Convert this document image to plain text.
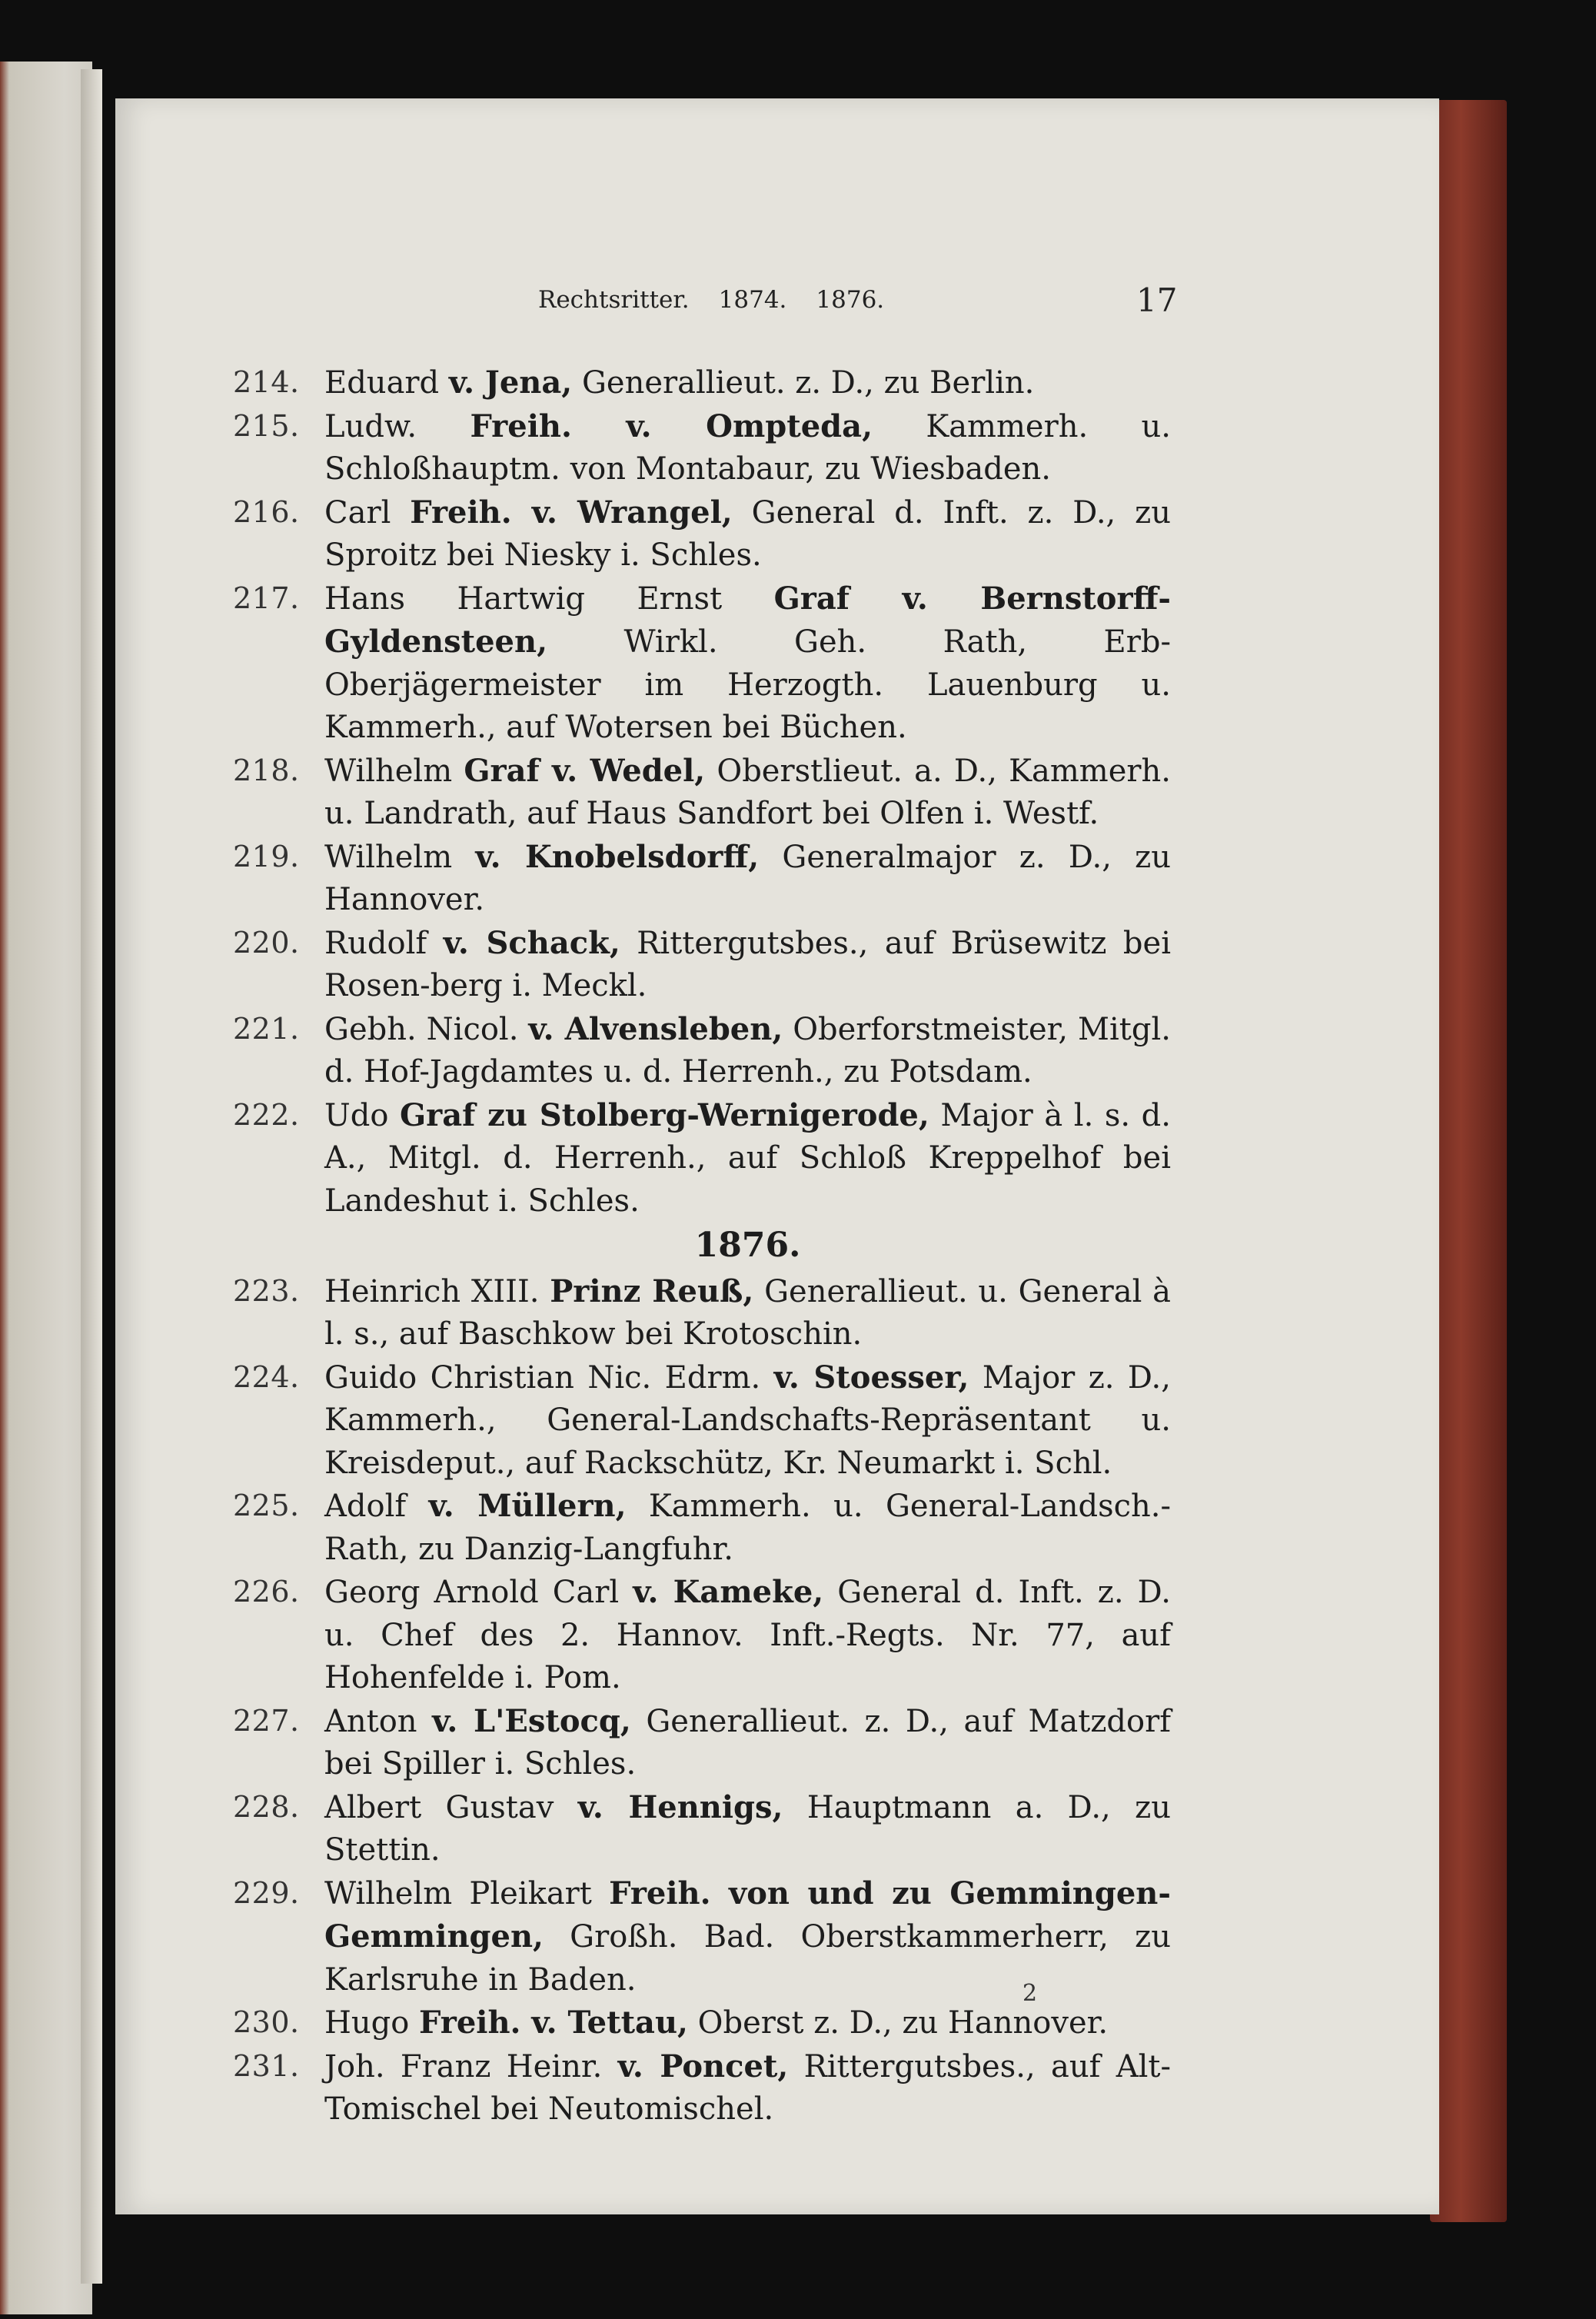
Rechtsritter. 1874. 1876.	17
214. Eduard v. Jena, Generallieut. z. D., zu Berlin.
215. Ludw. Freih. v. Ompteda, Kammerh. u. Schloßhauptm. von Montabaur, zu Wiesbaden.
216. Carl Freih. v. Wrangel, General d. Inft. z. D., zu Sproitz bei Niesky i. Schles.
217. Hans Hartwig Ernst Graf v. Bernstorff-Gyldensteen, Wirkl. Geh. Rath, Erb-Oberjägermeister im Herzogth. Lauenburg u. Kammerh., auf Wotersen bei Büchen.
218. Wilhelm Graf v. Wedel, Oberstlieut. a. D., Kammerh. u. Landrath, auf Haus Sandfort bei Olfen i. Westf.
219. Wilhelm v. Knobelsdorff, Generalmajor z. D., zu Hannover.
220. Rudolf v. Schack, Rittergutsbes., auf Brüsewitz bei Rosen-berg i. Meckl.
221. Gebh. Nicol. v. Alvensleben, Oberforstmeister, Mitgl. d. Hof-Jagdamtes u. d. Herrenh., zu Potsdam.
222. Udo Graf zu Stolberg-Wernigerode, Major à l. s. d. A., Mitgl. d. Herrenh., auf Schloß Kreppelhof bei Landeshut i. Schles.
1876.
223. Heinrich XIII. Prinz Reuß, Generallieut. u. General à l. s., auf Baschkow bei Krotoschin.
224. Guido Christian Nic. Edrm. v. Stoesser, Major z. D., Kammerh., General-Landschafts-Repräsentant u. Kreisdeput., auf Rackschütz, Kr. Neumarkt i. Schl.
225. Adolf v. Müllern, Kammerh. u. General-Landsch.-Rath, zu Danzig-Langfuhr.
226. Georg Arnold Carl v. Kameke, General d. Inft. z. D. u. Chef des 2. Hannov. Inft.-Regts. Nr. 77, auf Hohenfelde i. Pom.
227. Anton v. L'Estocq, Generallieut. z. D., auf Matzdorf bei Spiller i. Schles.
228. Albert Gustav v. Hennigs, Hauptmann a. D., zu Stettin.
229. Wilhelm Pleikart Freih. von und zu Gemmingen-Gemmingen, Großh. Bad. Oberstkammerherr, zu Karlsruhe in Baden.
230. Hugo Freih. v. Tettau, Oberst z. D., zu Hannover.
231. Joh. Franz Heinr. v. Poncet, Rittergutsbes., auf Alt-Tomischel bei Neutomischel.
2
